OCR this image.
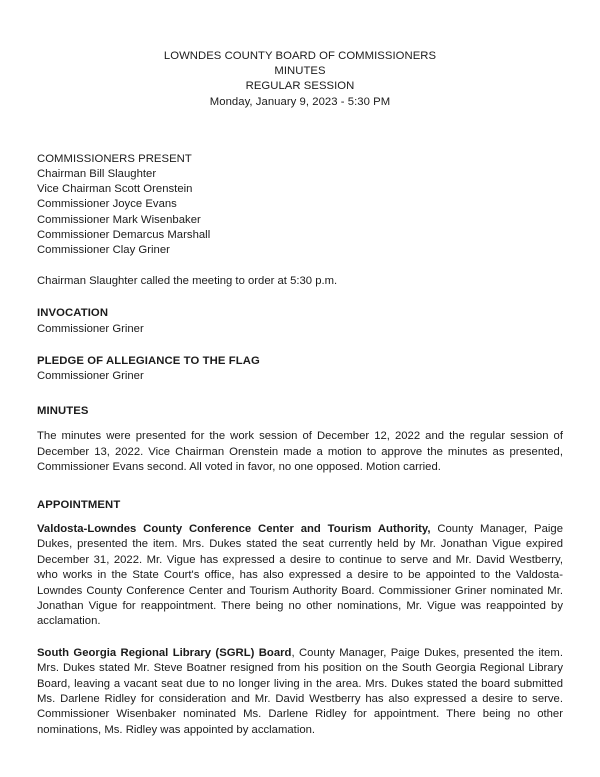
LOWNDES COUNTY BOARD OF COMMISSIONERS
MINUTES
REGULAR SESSION
Monday, January 9, 2023 - 5:30 PM
COMMISSIONERS PRESENT
Chairman Bill Slaughter
Vice Chairman Scott Orenstein
Commissioner Joyce Evans
Commissioner Mark Wisenbaker
Commissioner Demarcus Marshall
Commissioner Clay Griner
Chairman Slaughter called the meeting to order at 5:30 p.m.
INVOCATION
Commissioner Griner
PLEDGE OF ALLEGIANCE TO THE FLAG
Commissioner Griner
MINUTES
The minutes were presented for the work session of December 12, 2022 and the regular session of December 13, 2022. Vice Chairman Orenstein made a motion to approve the minutes as presented, Commissioner Evans second. All voted in favor, no one opposed. Motion carried.
APPOINTMENT

Valdosta-Lowndes County Conference Center and Tourism Authority, County Manager, Paige Dukes, presented the item. Mrs. Dukes stated the seat currently held by Mr. Jonathan Vigue expired December 31, 2022. Mr. Vigue has expressed a desire to continue to serve and Mr. David Westberry, who works in the State Court's office, has also expressed a desire to be appointed to the Valdosta-Lowndes County Conference Center and Tourism Authority Board. Commissioner Griner nominated Mr. Jonathan Vigue for reappointment. There being no other nominations, Mr. Vigue was reappointed by acclamation.

South Georgia Regional Library (SGRL) Board, County Manager, Paige Dukes, presented the item. Mrs. Dukes stated Mr. Steve Boatner resigned from his position on the South Georgia Regional Library Board, leaving a vacant seat due to no longer living in the area. Mrs. Dukes stated the board submitted Ms. Darlene Ridley for consideration and Mr. David Westberry has also expressed a desire to serve. Commissioner Wisenbaker nominated Ms. Darlene Ridley for appointment. There being no other nominations, Ms. Ridley was appointed by acclamation.
